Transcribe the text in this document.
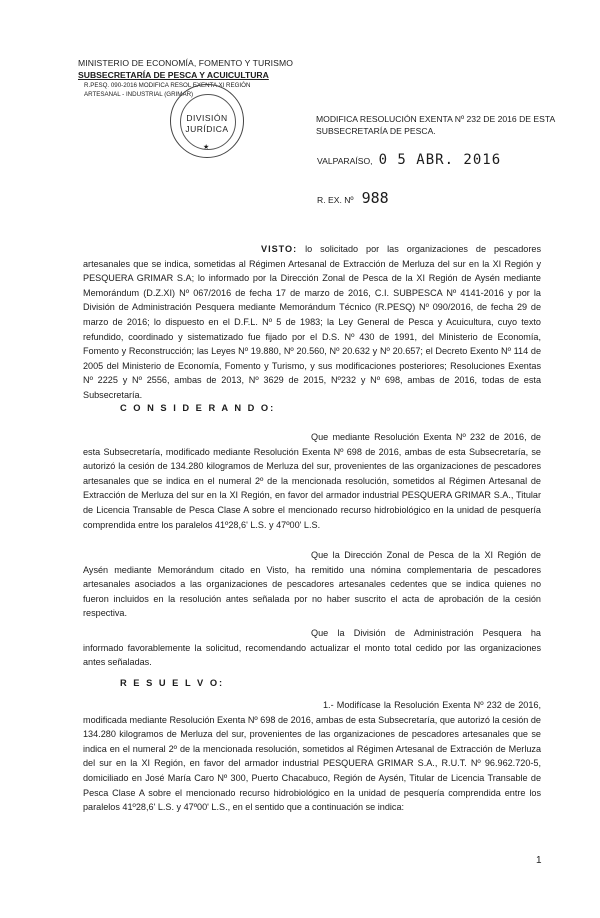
MINISTERIO DE ECONOMÍA, FOMENTO Y TURISMO
SUBSECRETARÍA DE PESCA Y ACUICULTURA
R.PESQ. 090-2016 MODIFICA RESOL EXENTA XI REGIÓN
ARTESANAL - INDUSTRIAL (GRIMAR)
DIVISIÓN
JURÍDICA
★
MODIFICA RESOLUCIÓN EXENTA Nº 232 DE 2016 DE ESTA SUBSECRETARÍA DE PESCA.
VALPARAÍSO, 0 5 ABR. 2016
R. EX. Nº 988
VISTO: lo solicitado por las organizaciones de pescadores artesanales que se indica, sometidas al Régimen Artesanal de Extracción de Merluza del sur en la XI Región y PESQUERA GRIMAR S.A; lo informado por la Dirección Zonal de Pesca de la XI Región de Aysén mediante Memorándum (D.Z.XI) Nº 067/2016 de fecha 17 de marzo de 2016, C.I. SUBPESCA Nº 4141-2016 y por la División de Administración Pesquera mediante Memorándum Técnico (R.PESQ) Nº 090/2016, de fecha 29 de marzo de 2016; lo dispuesto en el D.F.L. Nº 5 de 1983; la Ley General de Pesca y Acuicultura, cuyo texto refundido, coordinado y sistematizado fue fijado por el D.S. Nº 430 de 1991, del Ministerio de Economía, Fomento y Reconstrucción; las Leyes Nº 19.880, Nº 20.560, Nº 20.632 y Nº 20.657; el Decreto Exento Nº 114 de 2005 del Ministerio de Economía, Fomento y Turismo, y sus modificaciones posteriores; Resoluciones Exentas Nº 2225 y Nº 2556, ambas de 2013, Nº 3629 de 2015, Nº232 y Nº 698, ambas de 2016, todas de esta Subsecretaría.
C O N S I D E R A N D O:
Que mediante Resolución Exenta Nº 232 de 2016, de esta Subsecretaría, modificado mediante Resolución Exenta Nº 698 de 2016, ambas de esta Subsecretaría, se autorizó la cesión de 134.280 kilogramos de Merluza del sur, provenientes de las organizaciones de pescadores artesanales que se indica en el numeral 2º de la mencionada resolución, sometidos al Régimen Artesanal de Extracción de Merluza del sur en la XI Región, en favor del armador industrial PESQUERA GRIMAR S.A., Titular de Licencia Transable de Pesca Clase A sobre el mencionado recurso hidrobiológico en la unidad de pesquería comprendida entre los paralelos 41º28,6' L.S. y 47º00' L.S.
Que la Dirección Zonal de Pesca de la XI Región de Aysén mediante Memorándum citado en Visto, ha remitido una nómina complementaria de pescadores artesanales asociados a las organizaciones de pescadores artesanales cedentes que se indica quienes no fueron incluidos en la resolución antes señalada por no haber suscrito el acta de aprobación de la cesión respectiva.
Que la División de Administración Pesquera ha informado favorablemente la solicitud, recomendando actualizar el monto total cedido por las organizaciones antes señaladas.
R E S U E L V O:
1.- Modifícase la Resolución Exenta Nº 232 de 2016, modificada mediante Resolución Exenta Nº 698 de 2016, ambas de esta Subsecretaría, que autorizó la cesión de 134.280 kilogramos de Merluza del sur, provenientes de las organizaciones de pescadores artesanales que se indica en el numeral 2º de la mencionada resolución, sometidos al Régimen Artesanal de Extracción de Merluza del sur en la XI Región, en favor del armador industrial PESQUERA GRIMAR S.A., R.U.T. Nº 96.962.720-5, domiciliado en José María Caro Nº 300, Puerto Chacabuco, Región de Aysén, Titular de Licencia Transable de Pesca Clase A sobre el mencionado recurso hidrobiológico en la unidad de pesquería comprendida entre los paralelos 41º28,6' L.S. y 47º00' L.S., en el sentido que a continuación se indica:
1
